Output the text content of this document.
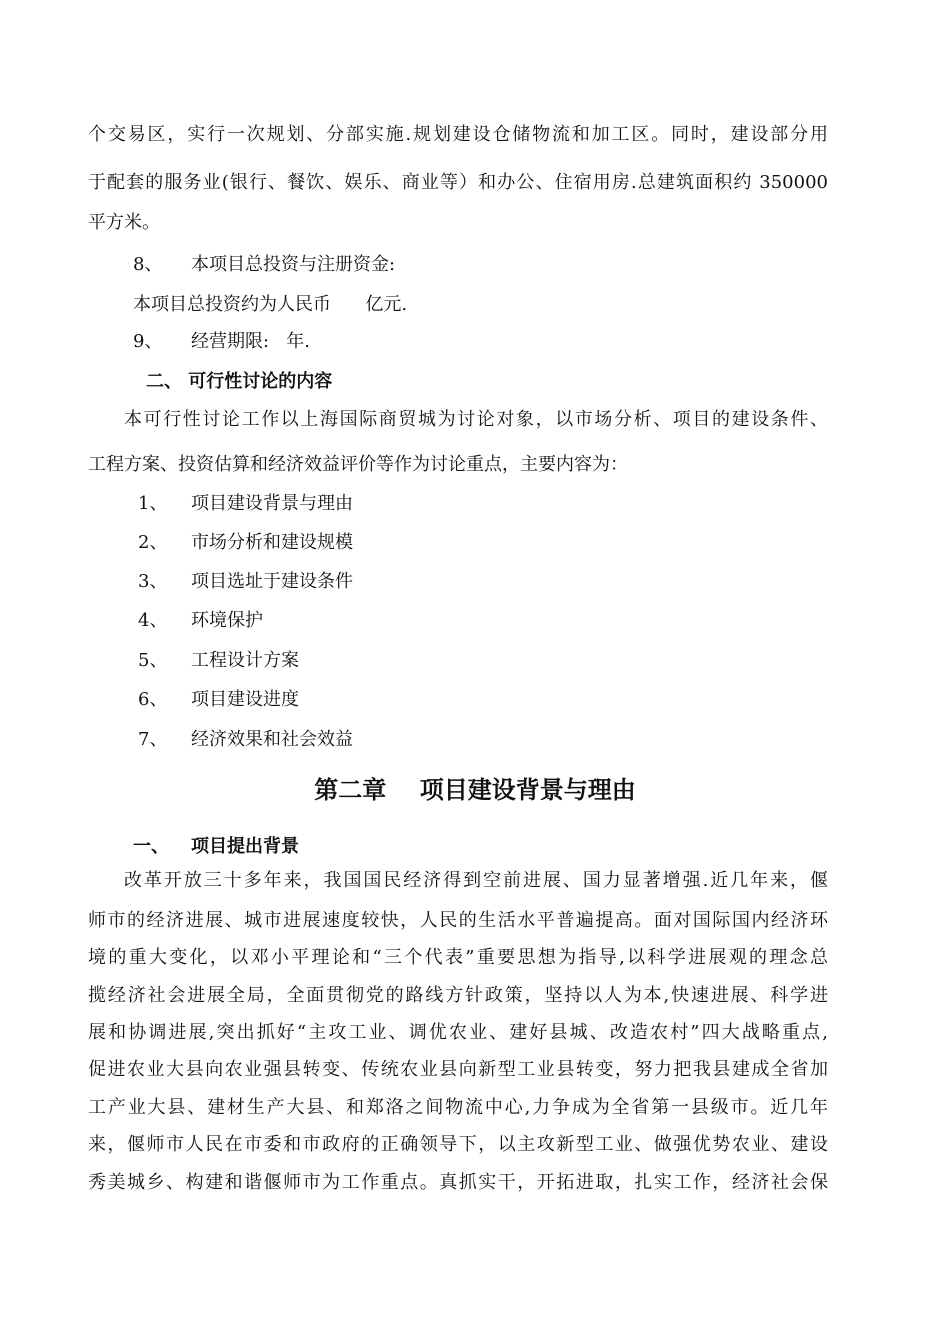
个交易区，实行一次规划、分部实施.规划建设仓储物流和加工区。同时，建设部分用
于配套的服务业(银行、餐饮、娱乐、商业等）和办公、住宿用房.总建筑面积约 350000
平方米。
8、 本项目总投资与注册资金:
本项目总投资约为人民币      亿元.
9、 经营期限:   年.
二、 可行性讨论的内容
本可行性讨论工作以上海国际商贸城为讨论对象，以市场分析、项目的建设条件、
工程方案、投资估算和经济效益评价等作为讨论重点，主要内容为：
1、 项目建设背景与理由
2、 市场分析和建设规模
3、 项目选址于建设条件
4、 环境保护
5、 工程设计方案
6、 项目建设进度
7、 经济效果和社会效益
第二章    项目建设背景与理由
一、 项目提出背景
改革开放三十多年来，我国国民经济得到空前进展、国力显著增强.近几年来，偃
师市的经济进展、城市进展速度较快，人民的生活水平普遍提高。面对国际国内经济环
境的重大变化，以邓小平理论和“三个代表”重要思想为指导,以科学进展观的理念总
揽经济社会进展全局，全面贯彻党的路线方针政策，坚持以人为本,快速进展、科学进
展和协调进展,突出抓好“主攻工业、调优农业、建好县城、改造农村”四大战略重点,
促进农业大县向农业强县转变、传统农业县向新型工业县转变，努力把我县建成全省加
工产业大县、建材生产大县、和郑洛之间物流中心,力争成为全省第一县级市。近几年
来，偃师市人民在市委和市政府的正确领导下，以主攻新型工业、做强优势农业、建设
秀美城乡、构建和谐偃师市为工作重点。真抓实干，开拓进取，扎实工作，经济社会保
